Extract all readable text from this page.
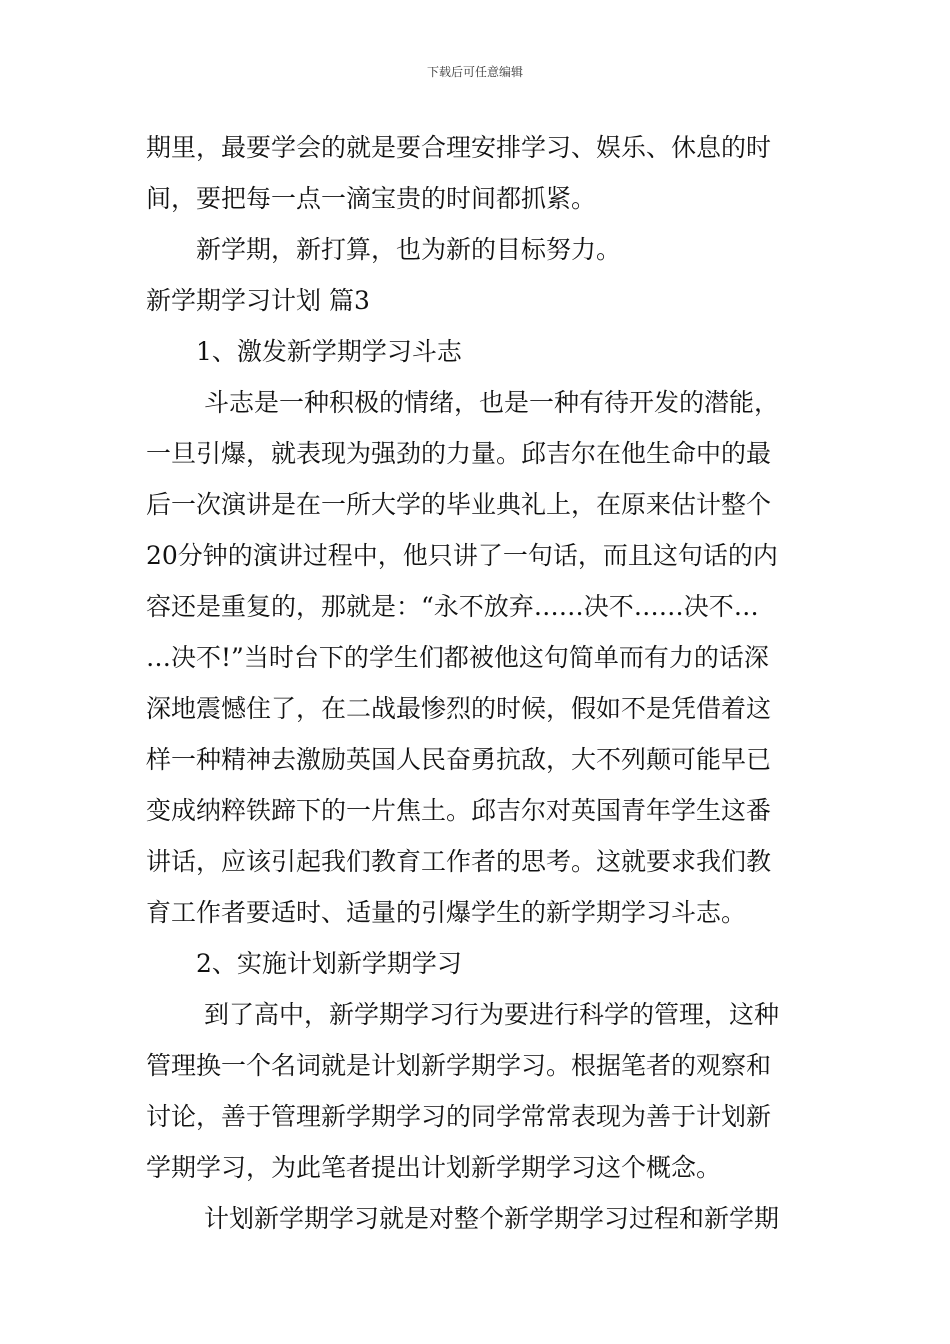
下载后可任意编辑
期里，最要学会的就是要合理安排学习、娱乐、休息的时
间，要把每一点一滴宝贵的时间都抓紧。
新学期，新打算，也为新的目标努力。
新学期学习计划 篇3
1、激发新学期学习斗志
斗志是一种积极的情绪，也是一种有待开发的潜能，
一旦引爆，就表现为强劲的力量。邱吉尔在他生命中的最
后一次演讲是在一所大学的毕业典礼上，在原来估计整个
20分钟的演讲过程中，他只讲了一句话，而且这句话的内
容还是重复的，那就是：“永不放弃……决不……决不…
…决不!”当时台下的学生们都被他这句简单而有力的话深
深地震憾住了，在二战最惨烈的时候，假如不是凭借着这
样一种精神去激励英国人民奋勇抗敌，大不列颠可能早已
变成纳粹铁蹄下的一片焦土。邱吉尔对英国青年学生这番
讲话，应该引起我们教育工作者的思考。这就要求我们教
育工作者要适时、适量的引爆学生的新学期学习斗志。
2、实施计划新学期学习
到了高中，新学期学习行为要进行科学的管理，这种
管理换一个名词就是计划新学期学习。根据笔者的观察和
讨论，善于管理新学期学习的同学常常表现为善于计划新
学期学习，为此笔者提出计划新学期学习这个概念。
计划新学期学习就是对整个新学期学习过程和新学期
